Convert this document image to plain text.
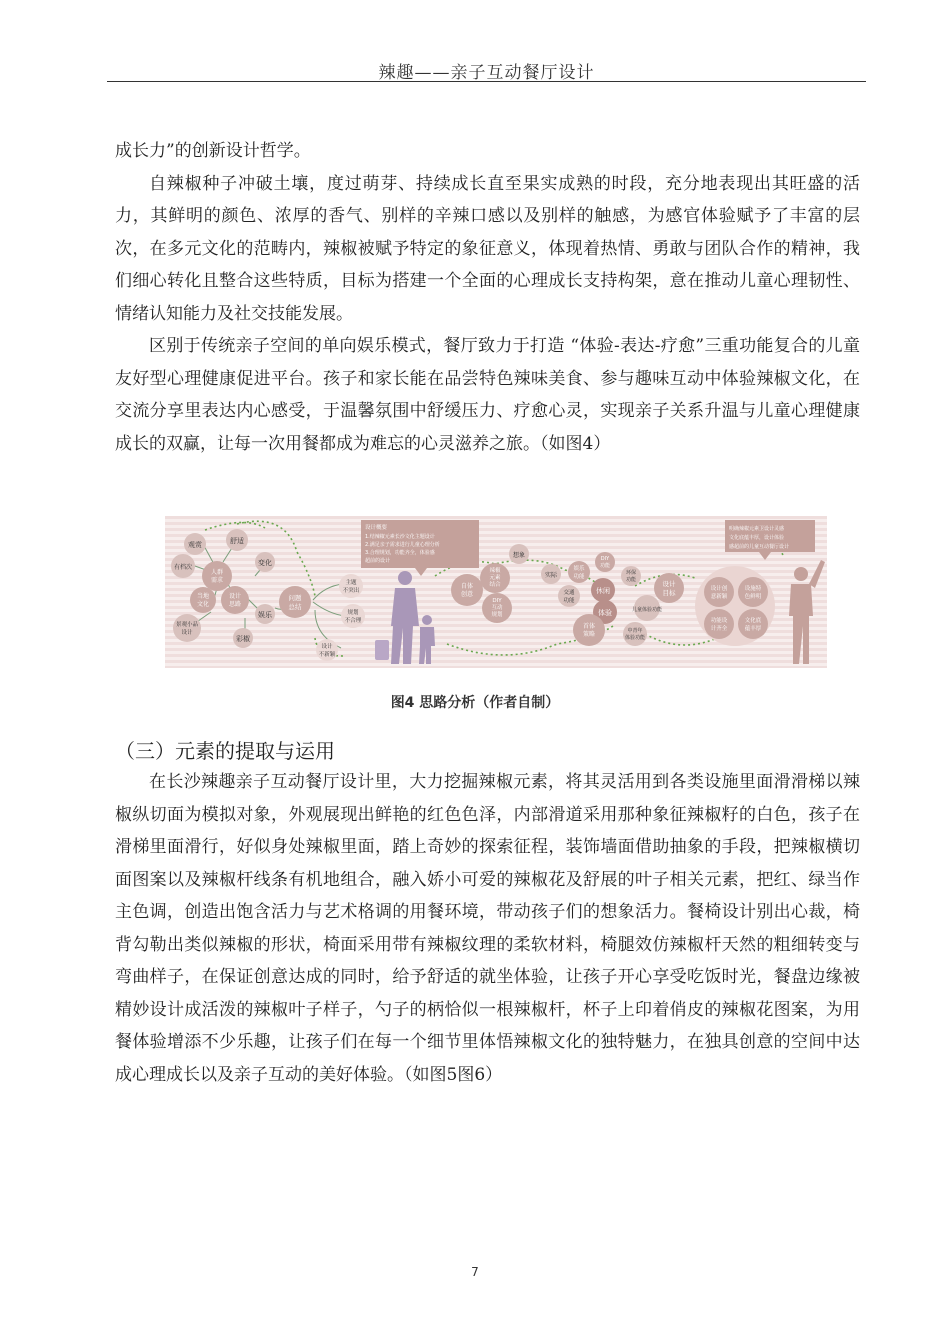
辣趣——亲子互动餐厅设计

成长力”的创新设计哲学。

自辣椒种子冲破土壤，度过萌芽、持续成长直至果实成熟的时段，充分地表现出其旺盛的活力，其鲜明的颜色、浓厚的香气、别样的辛辣口感以及别样的触感，为感官体验赋予了丰富的层次，在多元文化的范畴内，辣椒被赋予特定的象征意义，体现着热情、勇敢与团队合作的精神，我们细心转化且整合这些特质，目标为搭建一个全面的心理成长支持构架，意在推动儿童心理韧性、情绪认知能力及社交技能发展。

区别于传统亲子空间的单向娱乐模式，餐厅致力于打造 “体验-表达-疗愈”三重功能复合的儿童友好型心理健康促进平台。孩子和家长能在品尝特色辣味美食、参与趣味互动中体验辣椒文化，在交流分享里表达内心感受，于温馨氛围中舒缓压力、疗愈心灵，实现亲子关系升温与儿童心理健康成长的双赢，让每一次用餐都成为难忘的心灵滋养之旅。（如图4）

观赏	舒适
有档次
变化
人群
需求
当地
文化
设计
思路
景观小品
设计
娱乐
彩椒
问题
总结
主题
不突出
规划
不合理
设计
不新颖
设计概要
1.结辣椒元素长沙文化主题设计
2.满足亲子需求进行儿童心理分析
3.合理规划，功能齐全，体验感
超前的设计
自体
创意
辣椒
元素
结合
DIY
互动
规划
想象
实际
娱乐
功能
DIY
功能
环保
功能
交通
功能
休闲
体验	儿童体验功能
中青年
体验功能
首体
策略
设计
目标
明确辣椒元素卫设计灵感
文化底蕴丰厚，设计体验
感超前的儿童互动餐厅设计
设计创
意新颖
设施特
色鲜明
功能设
计齐全
文化底
蕴丰厚
图4 思路分析（作者自制）
（三）元素的提取与运用

在长沙辣趣亲子互动餐厅设计里，大力挖掘辣椒元素，将其灵活用到各类设施里面滑滑梯以辣椒纵切面为模拟对象，外观展现出鲜艳的红色色泽，内部滑道采用那种象征辣椒籽的白色，孩子在滑梯里面滑行，好似身处辣椒里面，踏上奇妙的探索征程，装饰墙面借助抽象的手段，把辣椒横切面图案以及辣椒杆线条有机地组合，融入娇小可爱的辣椒花及舒展的叶子相关元素，把红、绿当作主色调，创造出饱含活力与艺术格调的用餐环境，带动孩子们的想象活力。餐椅设计别出心裁，椅背勾勒出类似辣椒的形状，椅面采用带有辣椒纹理的柔软材料，椅腿效仿辣椒杆天然的粗细转变与弯曲样子，在保证创意达成的同时，给予舒适的就坐体验，让孩子开心享受吃饭时光，餐盘边缘被精妙设计成活泼的辣椒叶子样子，勺子的柄恰似一根辣椒杆，杯子上印着俏皮的辣椒花图案，为用餐体验增添不少乐趣，让孩子们在每一个细节里体悟辣椒文化的独特魅力，在独具创意的空间中达成心理成长以及亲子互动的美好体验。（如图5图6）

7
